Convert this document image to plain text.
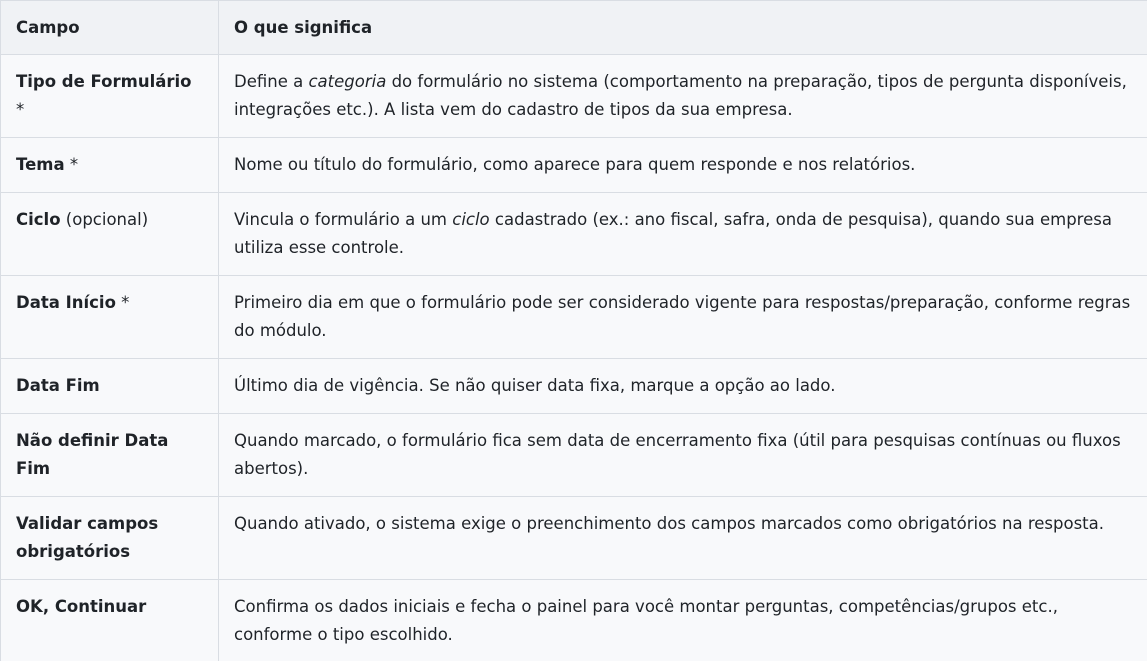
Campo	O que significa
Tipo de Formulário *	Define a categoria do formulário no sistema (comportamento na preparação, tipos de pergunta disponíveis, integrações etc.). A lista vem do cadastro de tipos da sua empresa.
Tema *	Nome ou título do formulário, como aparece para quem responde e nos relatórios.
Ciclo (opcional)	Vincula o formulário a um ciclo cadastrado (ex.: ano fiscal, safra, onda de pesquisa), quando sua empresa utiliza esse controle.
Data Início *	Primeiro dia em que o formulário pode ser considerado vigente para respostas/preparação, conforme regras do módulo.
Data Fim	Último dia de vigência. Se não quiser data fixa, marque a opção ao lado.
Não definir Data Fim	Quando marcado, o formulário fica sem data de encerramento fixa (útil para pesquisas contínuas ou fluxos abertos).
Validar campos obrigatórios	Quando ativado, o sistema exige o preenchimento dos campos marcados como obrigatórios na resposta.
OK, Continuar	Confirma os dados iniciais e fecha o painel para você montar perguntas, competências/grupos etc., conforme o tipo escolhido.
